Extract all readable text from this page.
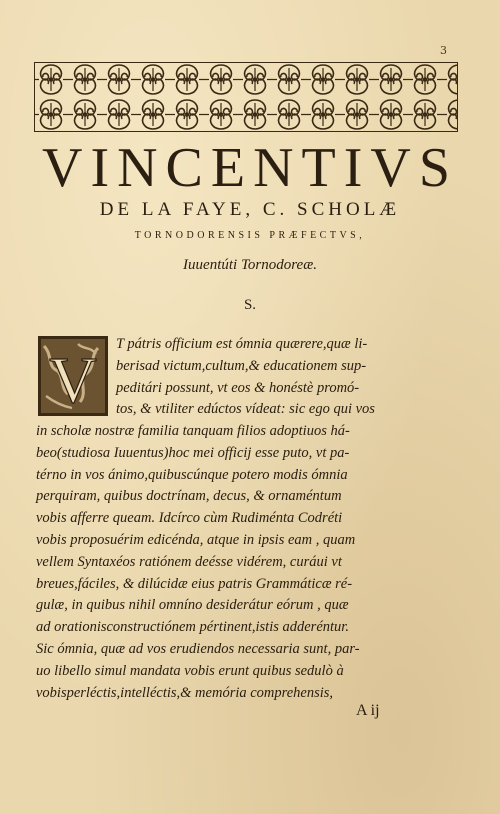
3
VINCENTIVS
DE LA FAYE, C. SCHOLÆ
TORNODORENSIS PRÆFECTVS,
Iuuentúti Tornodoreæ.
S.
V T pátris officium est ómnia quærere,quæ li-
berisad victum,cultum,& educationem sup-
peditári possunt, vt eos & honéstè promó-
tos, & vtiliter edúctos vídeat: sic ego qui vos
in scholæ nostræ familia tanquam filios adoptiuos há-
beo(studiosa Iuuentus)hoc mei officij esse puto, vt pa-
térno in vos ánimo,quibuscúnque potero modis ómnia
perquiram, quibus doctrínam, decus, & ornaméntum
vobis afferre queam. Idcírco cùm Rudiménta Codréti
vobis proposuérim edicénda, atque in ipsis eam , quam
vellem Syntaxéos ratiónem deésse vidérem, curáui vt
breues,fáciles, & dilúcidæ eius patris Grammáticæ ré-
gulæ, in quibus nihil omníno desiderátur eórum , quæ
ad orationisconstructiónem pértinent,istis adderéntur.
Sic ómnia, quæ ad vos erudiendos necessaria sunt, par-
uo libello simul mandata vobis erunt quibus sedulò à
vobisperléctis,intelléctis,& memória comprehensis,
A ij
